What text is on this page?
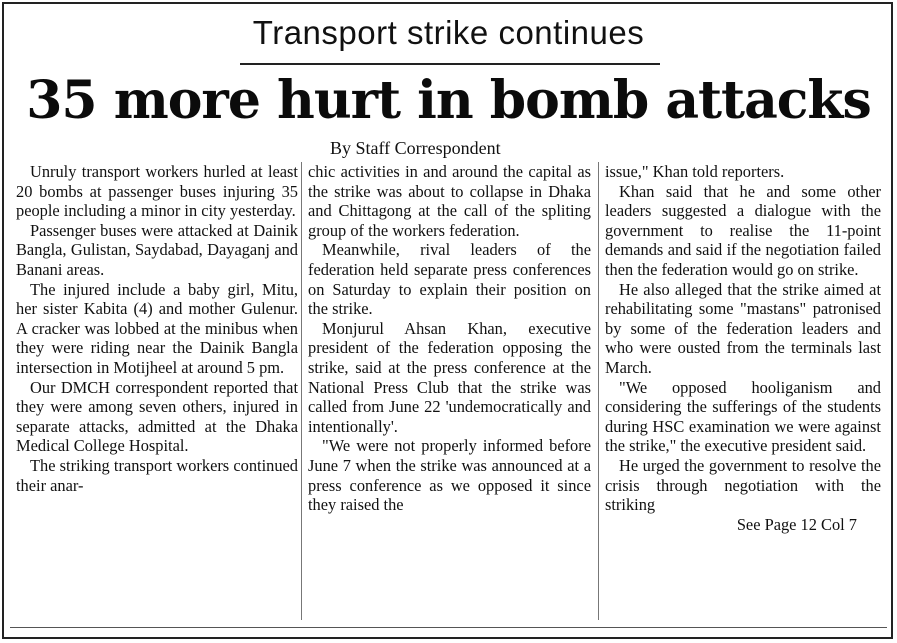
Transport strike continues
35 more hurt in bomb attacks
By Staff Correspondent

Unruly transport workers hurled at least 20 bombs at passenger buses injuring 35 people including a minor in city yesterday.

Passenger buses were attacked at Dainik Bangla, Gulistan, Saydabad, Dayaganj and Banani areas.

The injured include a baby girl, Mitu, her sister Kabita (4) and mother Gulenur. A cracker was lobbed at the minibus when they were riding near the Dainik Bangla intersection in Motijheel at around 5 pm.

Our DMCH correspondent reported that they were among seven others, injured in separate attacks, admitted at the Dhaka Medical College Hospital.

The striking transport workers continued their anar-

chic activities in and around the capital as the strike was about to collapse in Dhaka and Chittagong at the call of the spliting group of the workers federation.

Meanwhile, rival leaders of the federation held separate press conferences on Saturday to explain their position on the strike.

Monjurul Ahsan Khan, executive president of the federation opposing the strike, said at the press conference at the National Press Club that the strike was called from June 22 'undemocratically and intentionally'.

"We were not properly informed before June 7 when the strike was announced at a press conference as we opposed it since they raised the

issue," Khan told reporters.

Khan said that he and some other leaders suggested a dialogue with the government to realise the 11-point demands and said if the negotiation failed then the federation would go on strike.

He also alleged that the strike aimed at rehabilitating some "mastans" patronised by some of the federation leaders and who were ousted from the terminals last March.

"We opposed hooliganism and considering the sufferings of the students during HSC examination we were against the strike," the executive president said.

He urged the government to resolve the crisis through negotiation with the striking

See Page 12 Col 7
